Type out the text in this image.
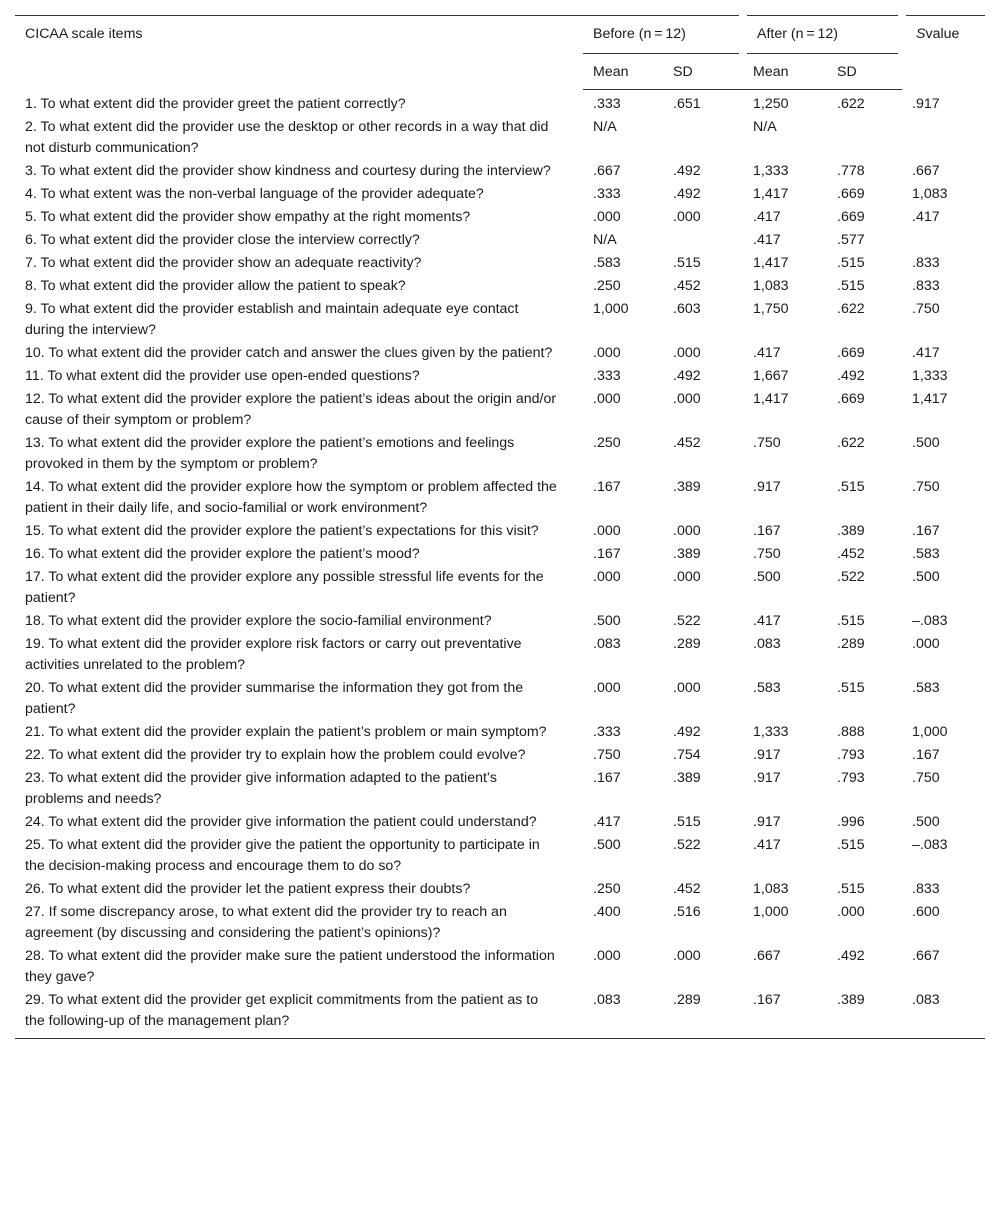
CICAA scale items	Before (n = 12)		After (n = 12)		Svalue
	Mean	SD	Mean	SD	
1. To what extent did the provider greet the patient correctly?	.333	.651	1,250	.622	.917
2. To what extent did the provider use the desktop or other records in a way that did not disturb communication?	N/A		N/A		
3. To what extent did the provider show kindness and courtesy during the interview?	.667	.492	1,333	.778	.667
4. To what extent was the non-verbal language of the provider adequate?	.333	.492	1,417	.669	1,083
5. To what extent did the provider show empathy at the right moments?	.000	.000	.417	.669	.417
6. To what extent did the provider close the interview correctly?	N/A		.417	.577	
7. To what extent did the provider show an adequate reactivity?	.583	.515	1,417	.515	.833
8. To what extent did the provider allow the patient to speak?	.250	.452	1,083	.515	.833
9. To what extent did the provider establish and maintain adequate eye contact during the interview?	1,000	.603	1,750	.622	.750
10. To what extent did the provider catch and answer the clues given by the patient?	.000	.000	.417	.669	.417
11. To what extent did the provider use open-ended questions?	.333	.492	1,667	.492	1,333
12. To what extent did the provider explore the patient’s ideas about the origin and/or cause of their symptom or problem?	.000	.000	1,417	.669	1,417
13. To what extent did the provider explore the patient’s emotions and feelings provoked in them by the symptom or problem?	.250	.452	.750	.622	.500
14. To what extent did the provider explore how the symptom or problem affected the patient in their daily life, and socio-familial or work environment?	.167	.389	.917	.515	.750
15. To what extent did the provider explore the patient’s expectations for this visit?	.000	.000	.167	.389	.167
16. To what extent did the provider explore the patient’s mood?	.167	.389	.750	.452	.583
17. To what extent did the provider explore any possible stressful life events for the patient?	.000	.000	.500	.522	.500
18. To what extent did the provider explore the socio-familial environment?	.500	.522	.417	.515	–.083
19. To what extent did the provider explore risk factors or carry out preventative activities unrelated to the problem?	.083	.289	.083	.289	.000
20. To what extent did the provider summarise the information they got from the patient?	.000	.000	.583	.515	.583
21. To what extent did the provider explain the patient’s problem or main symptom?	.333	.492	1,333	.888	1,000
22. To what extent did the provider try to explain how the problem could evolve?	.750	.754	.917	.793	.167
23. To what extent did the provider give information adapted to the patient’s problems and needs?	.167	.389	.917	.793	.750
24. To what extent did the provider give information the patient could understand?	.417	.515	.917	.996	.500
25. To what extent did the provider give the patient the opportunity to participate in the decision-making process and encourage them to do so?	.500	.522	.417	.515	–.083
26. To what extent did the provider let the patient express their doubts?	.250	.452	1,083	.515	.833
27. If some discrepancy arose, to what extent did the provider try to reach an agreement (by discussing and considering the patient’s opinions)?	.400	.516	1,000	.000	.600
28. To what extent did the provider make sure the patient understood the information they gave?	.000	.000	.667	.492	.667
29. To what extent did the provider get explicit commitments from the patient as to the following-up of the management plan?	.083	.289	.167	.389	.083
